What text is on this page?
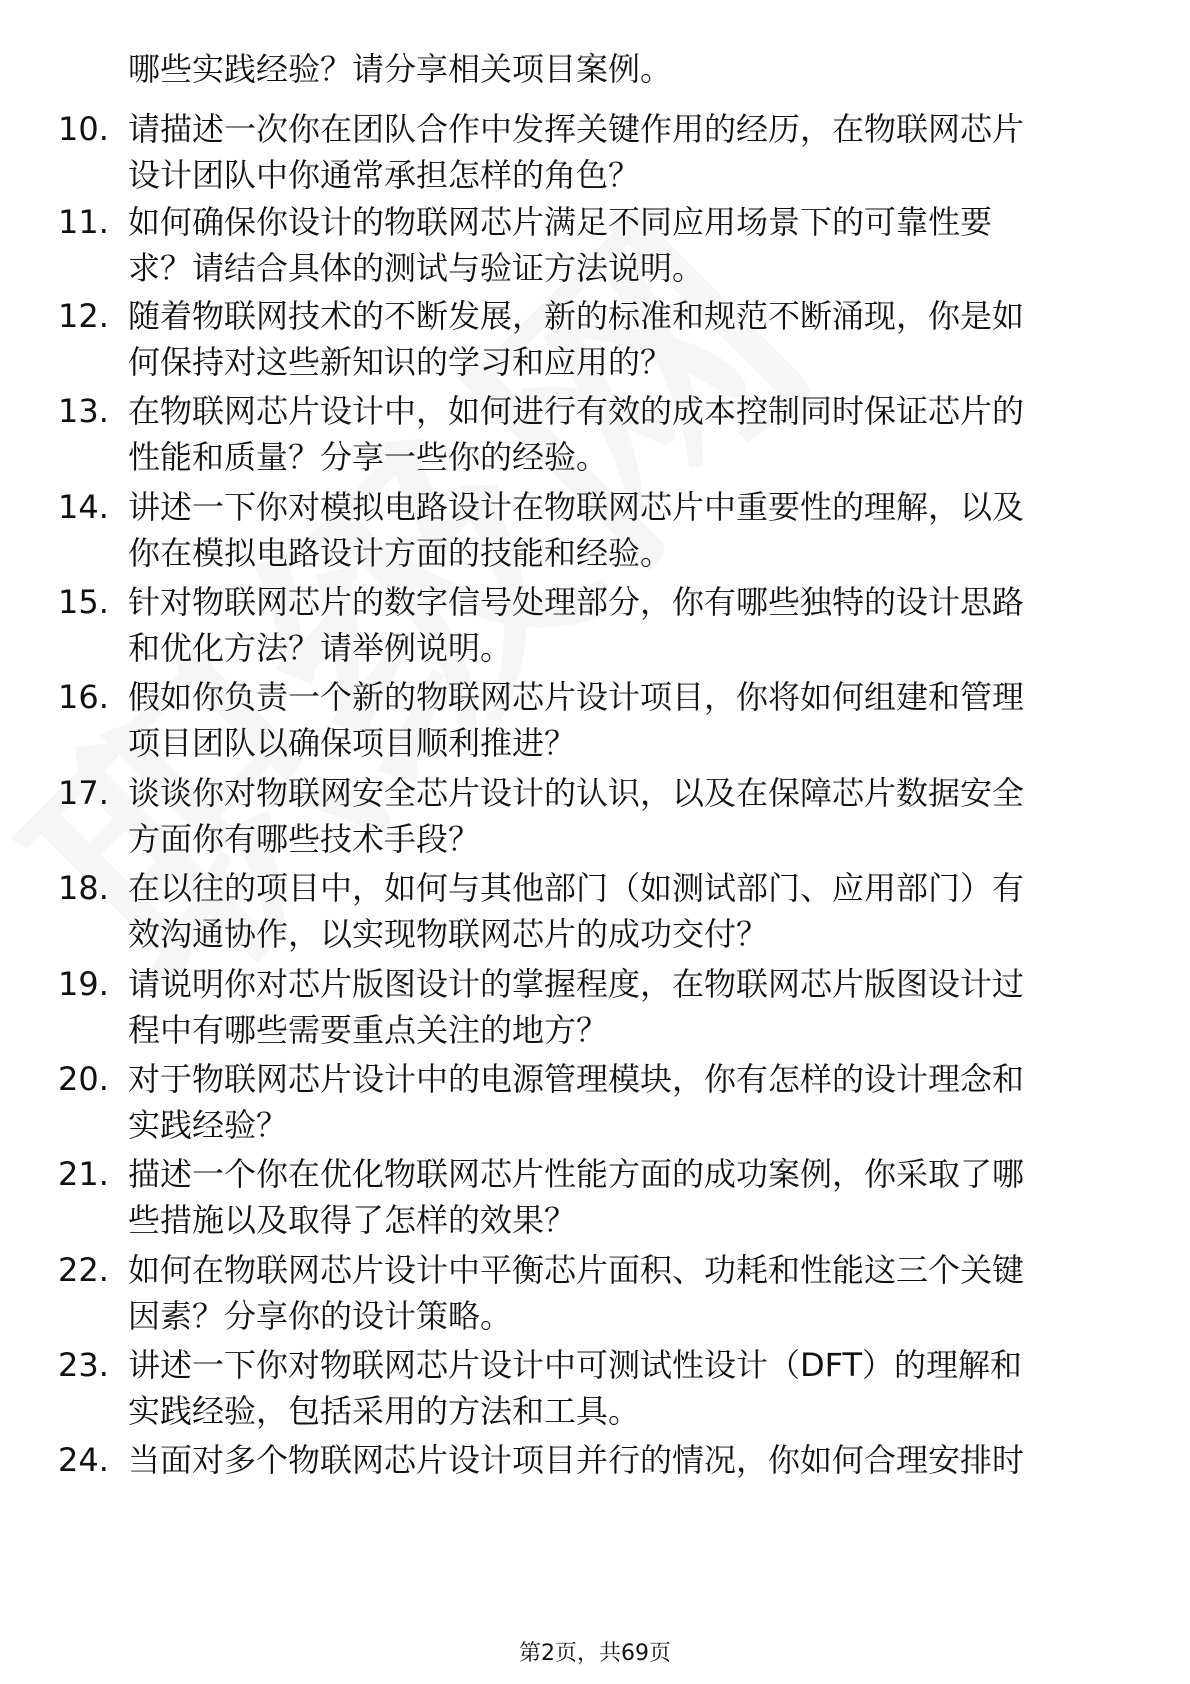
哪些实践经验？请分享相关项目案例。
10. 请描述一次你在团队合作中发挥关键作用的经历，在物联网芯片
设计团队中你通常承担怎样的角色？
11. 如何确保你设计的物联网芯片满足不同应用场景下的可靠性要
求？请结合具体的测试与验证方法说明。
12. 随着物联网技术的不断发展，新的标准和规范不断涌现，你是如
何保持对这些新知识的学习和应用的？
13. 在物联网芯片设计中，如何进行有效的成本控制同时保证芯片的
性能和质量？分享一些你的经验。
14. 讲述一下你对模拟电路设计在物联网芯片中重要性的理解，以及
你在模拟电路设计方面的技能和经验。
15. 针对物联网芯片的数字信号处理部分，你有哪些独特的设计思路
和优化方法？请举例说明。
16. 假如你负责一个新的物联网芯片设计项目，你将如何组建和管理
项目团队以确保项目顺利推进？
17. 谈谈你对物联网安全芯片设计的认识，以及在保障芯片数据安全
方面你有哪些技术手段？
18. 在以往的项目中，如何与其他部门（如测试部门、应用部门）有
效沟通协作，以实现物联网芯片的成功交付？
19. 请说明你对芯片版图设计的掌握程度，在物联网芯片版图设计过
程中有哪些需要重点关注的地方？
20. 对于物联网芯片设计中的电源管理模块，你有怎样的设计理念和
实践经验？
21. 描述一个你在优化物联网芯片性能方面的成功案例，你采取了哪
些措施以及取得了怎样的效果？
22. 如何在物联网芯片设计中平衡芯片面积、功耗和性能这三个关键
因素？分享你的设计策略。
23. 讲述一下你对物联网芯片设计中可测试性设计（DFT）的理解和
实践经验，包括采用的方法和工具。
24. 当面对多个物联网芯片设计项目并行的情况，你如何合理安排时
第2页，共69页
